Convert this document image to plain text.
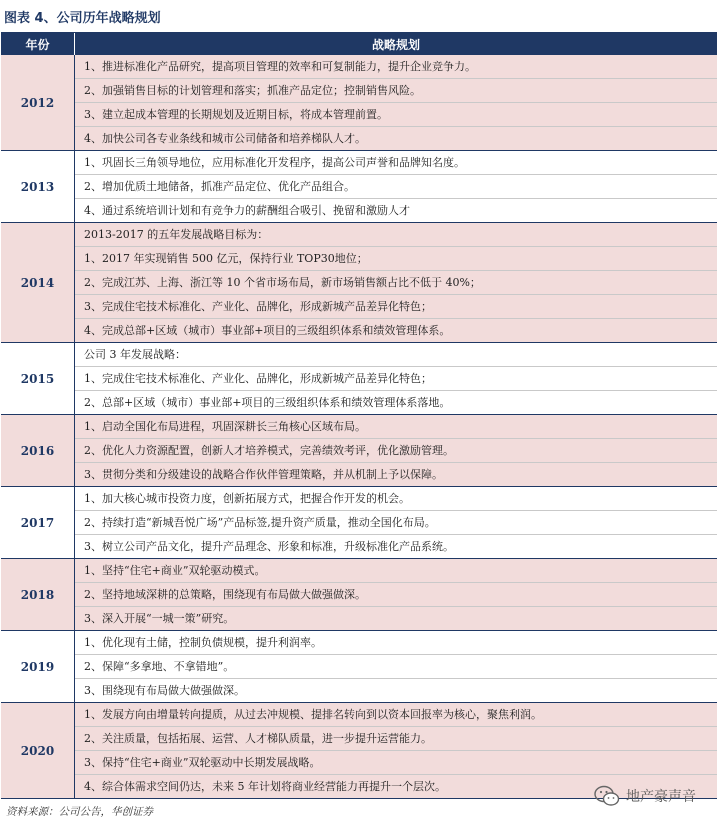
图表 4、公司历年战略规划
年份	战略规划
2012
1、推进标准化产品研究，提高项目管理的效率和可复制能力，提升企业竞争力。
2、加强销售目标的计划管理和落实；抓准产品定位；控制销售风险。
3、建立起成本管理的长期规划及近期目标，将成本管理前置。
4、加快公司各专业条线和城市公司储备和培养梯队人才。
2013
1、巩固长三角领导地位，应用标准化开发程序，提高公司声誉和品牌知名度。
2、增加优质土地储备，抓准产品定位、优化产品组合。
4、通过系统培训计划和有竞争力的薪酬组合吸引、挽留和激励人才
2014
2013-2017 的五年发展战略目标为：
1、2017 年实现销售 500 亿元，保持行业 TOP30地位；
2、完成江苏、上海、浙江等 10 个省市场布局，新市场销售额占比不低于 40%；
3、完成住宅技术标准化、产业化、品牌化，形成新城产品差异化特色；
4、完成总部+区域（城市）事业部+项目的三级组织体系和绩效管理体系。
2015
公司 3 年发展战略：
1、完成住宅技术标准化、产业化、品牌化，形成新城产品差异化特色；
2、总部+区域（城市）事业部+项目的三级组织体系和绩效管理体系落地。
2016
1、启动全国化布局进程，巩固深耕长三角核心区域布局。
2、优化人力资源配置，创新人才培养模式，完善绩效考评，优化激励管理。
3、贯彻分类和分级建设的战略合作伙伴管理策略，并从机制上予以保障。
2017
1、加大核心城市投资力度，创新拓展方式，把握合作开发的机会。
2、持续打造“新城吾悦广场”产品标签,提升资产质量，推动全国化布局。
3、树立公司产品文化，提升产品理念、形象和标准，升级标准化产品系统。
2018
1、坚持“住宅+商业”双轮驱动模式。
2、坚持地域深耕的总策略，围绕现有布局做大做强做深。
3、深入开展“一城一策”研究。
2019
1、优化现有土储，控制负债规模，提升利润率。
2、保障“多拿地、不拿错地”。
3、围绕现有布局做大做强做深。
2020
1、发展方向由增量转向提质，从过去冲规模、提排名转向到以资本回报率为核心，聚焦利润。
2、关注质量，包括拓展、运营、人才梯队质量，进一步提升运营能力。
3、保持“住宅+商业”双轮驱动中长期发展战略。
4、综合体需求空间仍达，未来 5 年计划将商业经营能力再提升一个层次。
资料来源：公司公告，华创证券
地产豪声音
